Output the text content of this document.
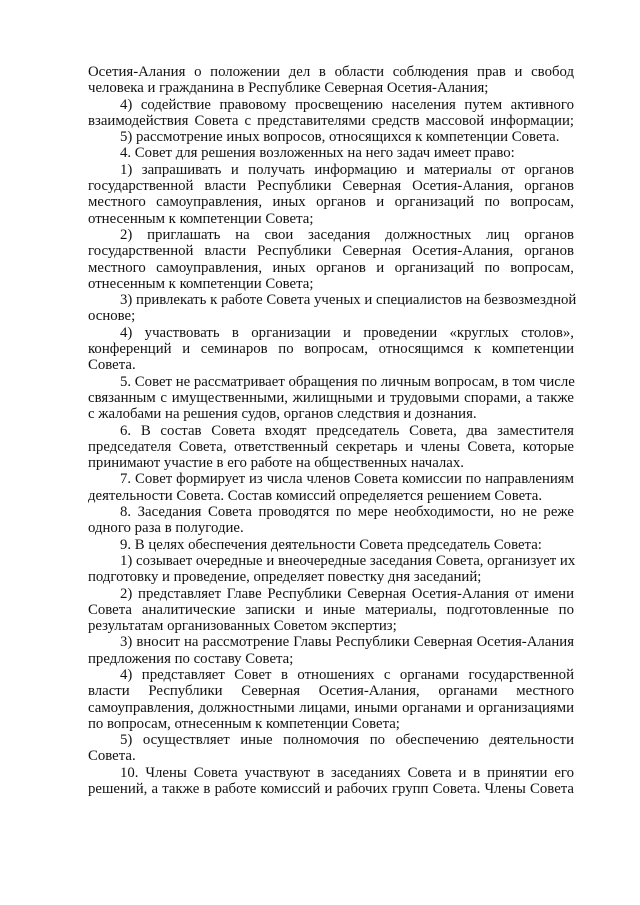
Осетия-Алания о положении дел в области соблюдения прав и свобод
человека и гражданина в Республике Северная Осетия-Алания;
4) содействие правовому просвещению населения путем активного
взаимодействия Совета с представителями средств массовой информации;
5) рассмотрение иных вопросов, относящихся к компетенции Совета.
4. Совет для решения возложенных на него задач имеет право:
1) запрашивать и получать информацию и материалы от органов
государственной власти Республики Северная Осетия-Алания, органов
местного самоуправления, иных органов и организаций по вопросам,
отнесенным к компетенции Совета;
2) приглашать на свои заседания должностных лиц органов
государственной власти Республики Северная Осетия-Алания, органов
местного самоуправления, иных органов и организаций по вопросам,
отнесенным к компетенции Совета;
3) привлекать к работе Совета ученых и специалистов на безвозмездной
основе;
4) участвовать в организации и проведении «круглых столов»,
конференций и семинаров по вопросам, относящимся к компетенции
Совета.
5. Совет не рассматривает обращения по личным вопросам, в том числе
связанным с имущественными, жилищными и трудовыми спорами, а также
с жалобами на решения судов, органов следствия и дознания.
6. В состав Совета входят председатель Совета, два заместителя
председателя Совета, ответственный секретарь и члены Совета, которые
принимают участие в его работе на общественных началах.
7. Совет формирует из числа членов Совета комиссии по направлениям
деятельности Совета. Состав комиссий определяется решением Совета.
8. Заседания Совета проводятся по мере необходимости, но не реже
одного раза в полугодие.
9. В целях обеспечения деятельности Совета председатель Совета:
1) созывает очередные и внеочередные заседания Совета, организует их
подготовку и проведение, определяет повестку дня заседаний;
2) представляет Главе Республики Северная Осетия-Алания от имени
Совета аналитические записки и иные материалы, подготовленные по
результатам организованных Советом экспертиз;
3) вносит на рассмотрение Главы Республики Северная Осетия-Алания
предложения по составу Совета;
4) представляет Совет в отношениях с органами государственной
власти Республики Северная Осетия-Алания, органами местного
самоуправления, должностными лицами, иными органами и организациями
по вопросам, отнесенным к компетенции Совета;
5) осуществляет иные полномочия по обеспечению деятельности
Совета.
10. Члены Совета участвуют в заседаниях Совета и в принятии его
решений, а также в работе комиссий и рабочих групп Совета. Члены Совета
